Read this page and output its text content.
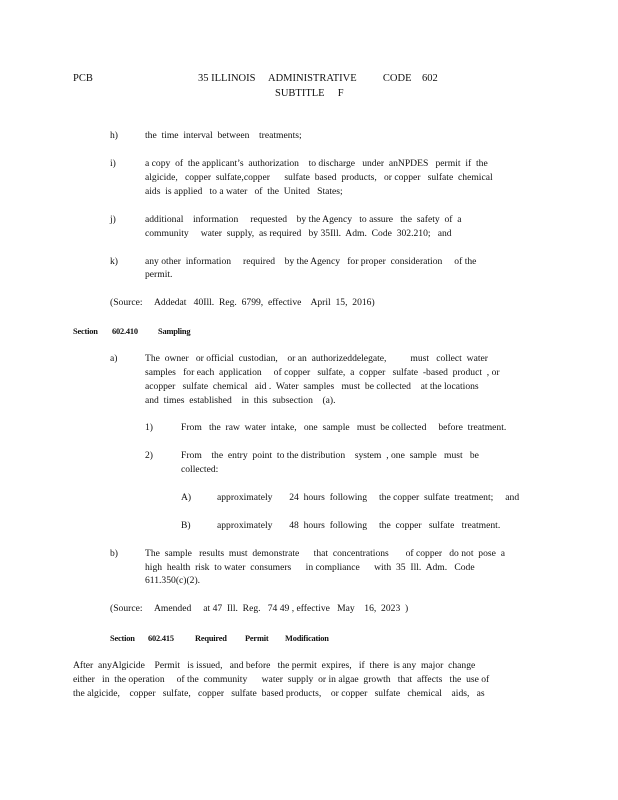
PCB	35 ILLINOIS     ADMINISTRATIVE          CODE    602
SUBTITLE     F
h)	the  time  interval  between    treatments;
i)	a copy  of  the applicant’s  authorization    to discharge   under  anNPDES   permit  if  the
algicide,   copper  sulfate,copper      sulfate  based  products,   or copper   sulfate  chemical
aids  is applied   to a water   of  the  United   States;
j)	additional    information     requested    by the Agency   to assure   the  safety  of  a
community     water  supply,  as required   by 35Ill.  Adm.  Code  302.210;   and
k)	any other  information     required    by the Agency   for proper  consideration     of the
permit.
(Source:     Addedat   40Ill.  Reg.  6799,  effective    April  15,  2016)
Section 602.410 Sampling
a)	The  owner   or official  custodian,    or an  authorizeddelegate,          must   collect  water
samples   for each  application     of copper   sulfate,  a  copper   sulfate  -based  product  , or
acopper   sulfate  chemical   aid .  Water  samples   must  be collected    at the locations
and  times  established    in  this  subsection    (a).
1)	From   the  raw  water  intake,   one  sample   must  be collected     before  treatment.
2)	From    the  entry  point  to the distribution    system  , one  sample   must   be
collected:
A)	approximately       24  hours  following     the copper  sulfate  treatment;     and
B)	approximately       48  hours  following     the  copper   sulfate   treatment.
b)	The  sample   results  must  demonstrate      that  concentrations       of copper   do not  pose  a
high  health  risk  to water  consumers      in compliance      with  35  Ill.  Adm.   Code
611.350(c)(2).
(Source:     Amended     at 47  Ill.  Reg.   74 49 , effective   May    16,  2023  )
Section 602.415	Required Permit Modification
After  anyAlgicide    Permit   is issued,   and before   the permit  expires,   if  there  is any  major  change
either   in  the operation     of the  community      water  supply  or in algae  growth   that  affects   the  use of
the algicide,    copper   sulfate,   copper   sulfate  based products,    or copper   sulfate   chemical    aids,   as
